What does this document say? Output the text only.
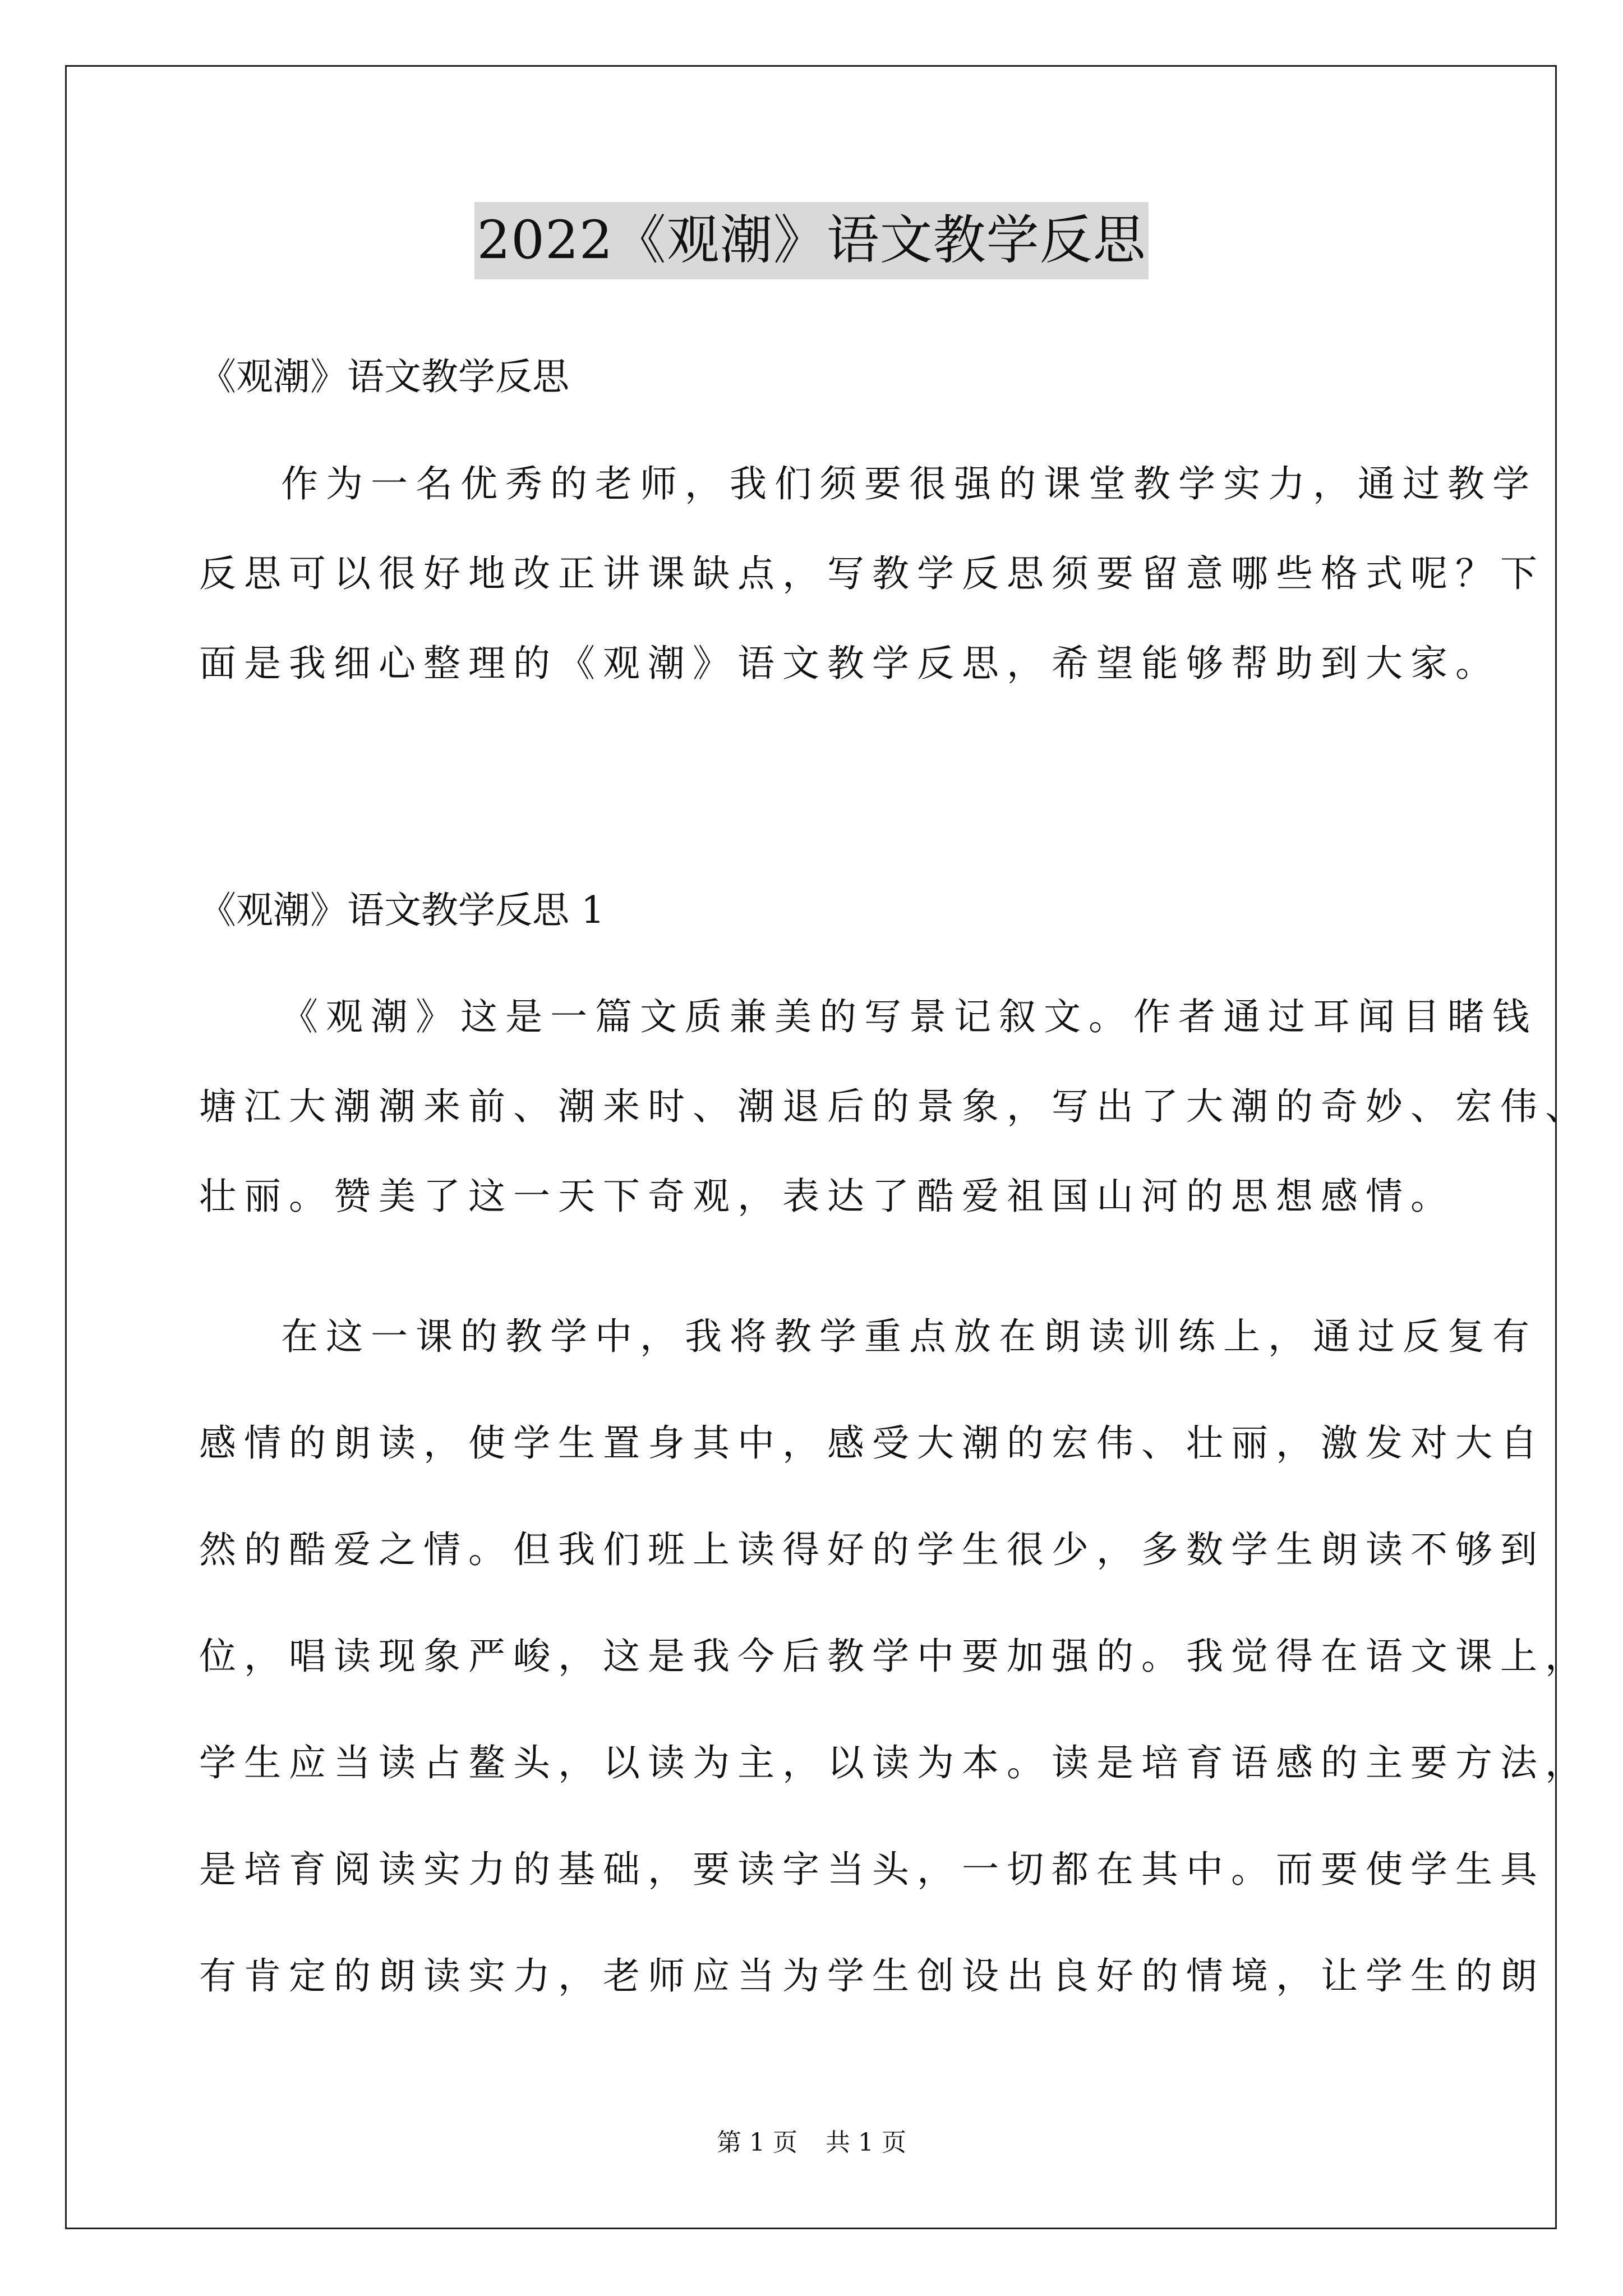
2022《观潮》语文教学反思
《观潮》语文教学反思
作为一名优秀的老师，我们须要很强的课堂教学实力，通过教学
反思可以很好地改正讲课缺点，写教学反思须要留意哪些格式呢？下
面是我细心整理的《观潮》语文教学反思，希望能够帮助到大家。
《观潮》语文教学反思 1
《观潮》这是一篇文质兼美的写景记叙文。作者通过耳闻目睹钱
塘江大潮潮来前、潮来时、潮退后的景象，写出了大潮的奇妙、宏伟、
壮丽。赞美了这一天下奇观，表达了酷爱祖国山河的思想感情。
在这一课的教学中，我将教学重点放在朗读训练上，通过反复有
感情的朗读，使学生置身其中，感受大潮的宏伟、壮丽，激发对大自
然的酷爱之情。但我们班上读得好的学生很少，多数学生朗读不够到
位，唱读现象严峻，这是我今后教学中要加强的。我觉得在语文课上，
学生应当读占鳌头，以读为主，以读为本。读是培育语感的主要方法，
是培育阅读实力的基础，要读字当头，一切都在其中。而要使学生具
有肯定的朗读实力，老师应当为学生创设出良好的情境，让学生的朗
第 1 页 共 1 页
